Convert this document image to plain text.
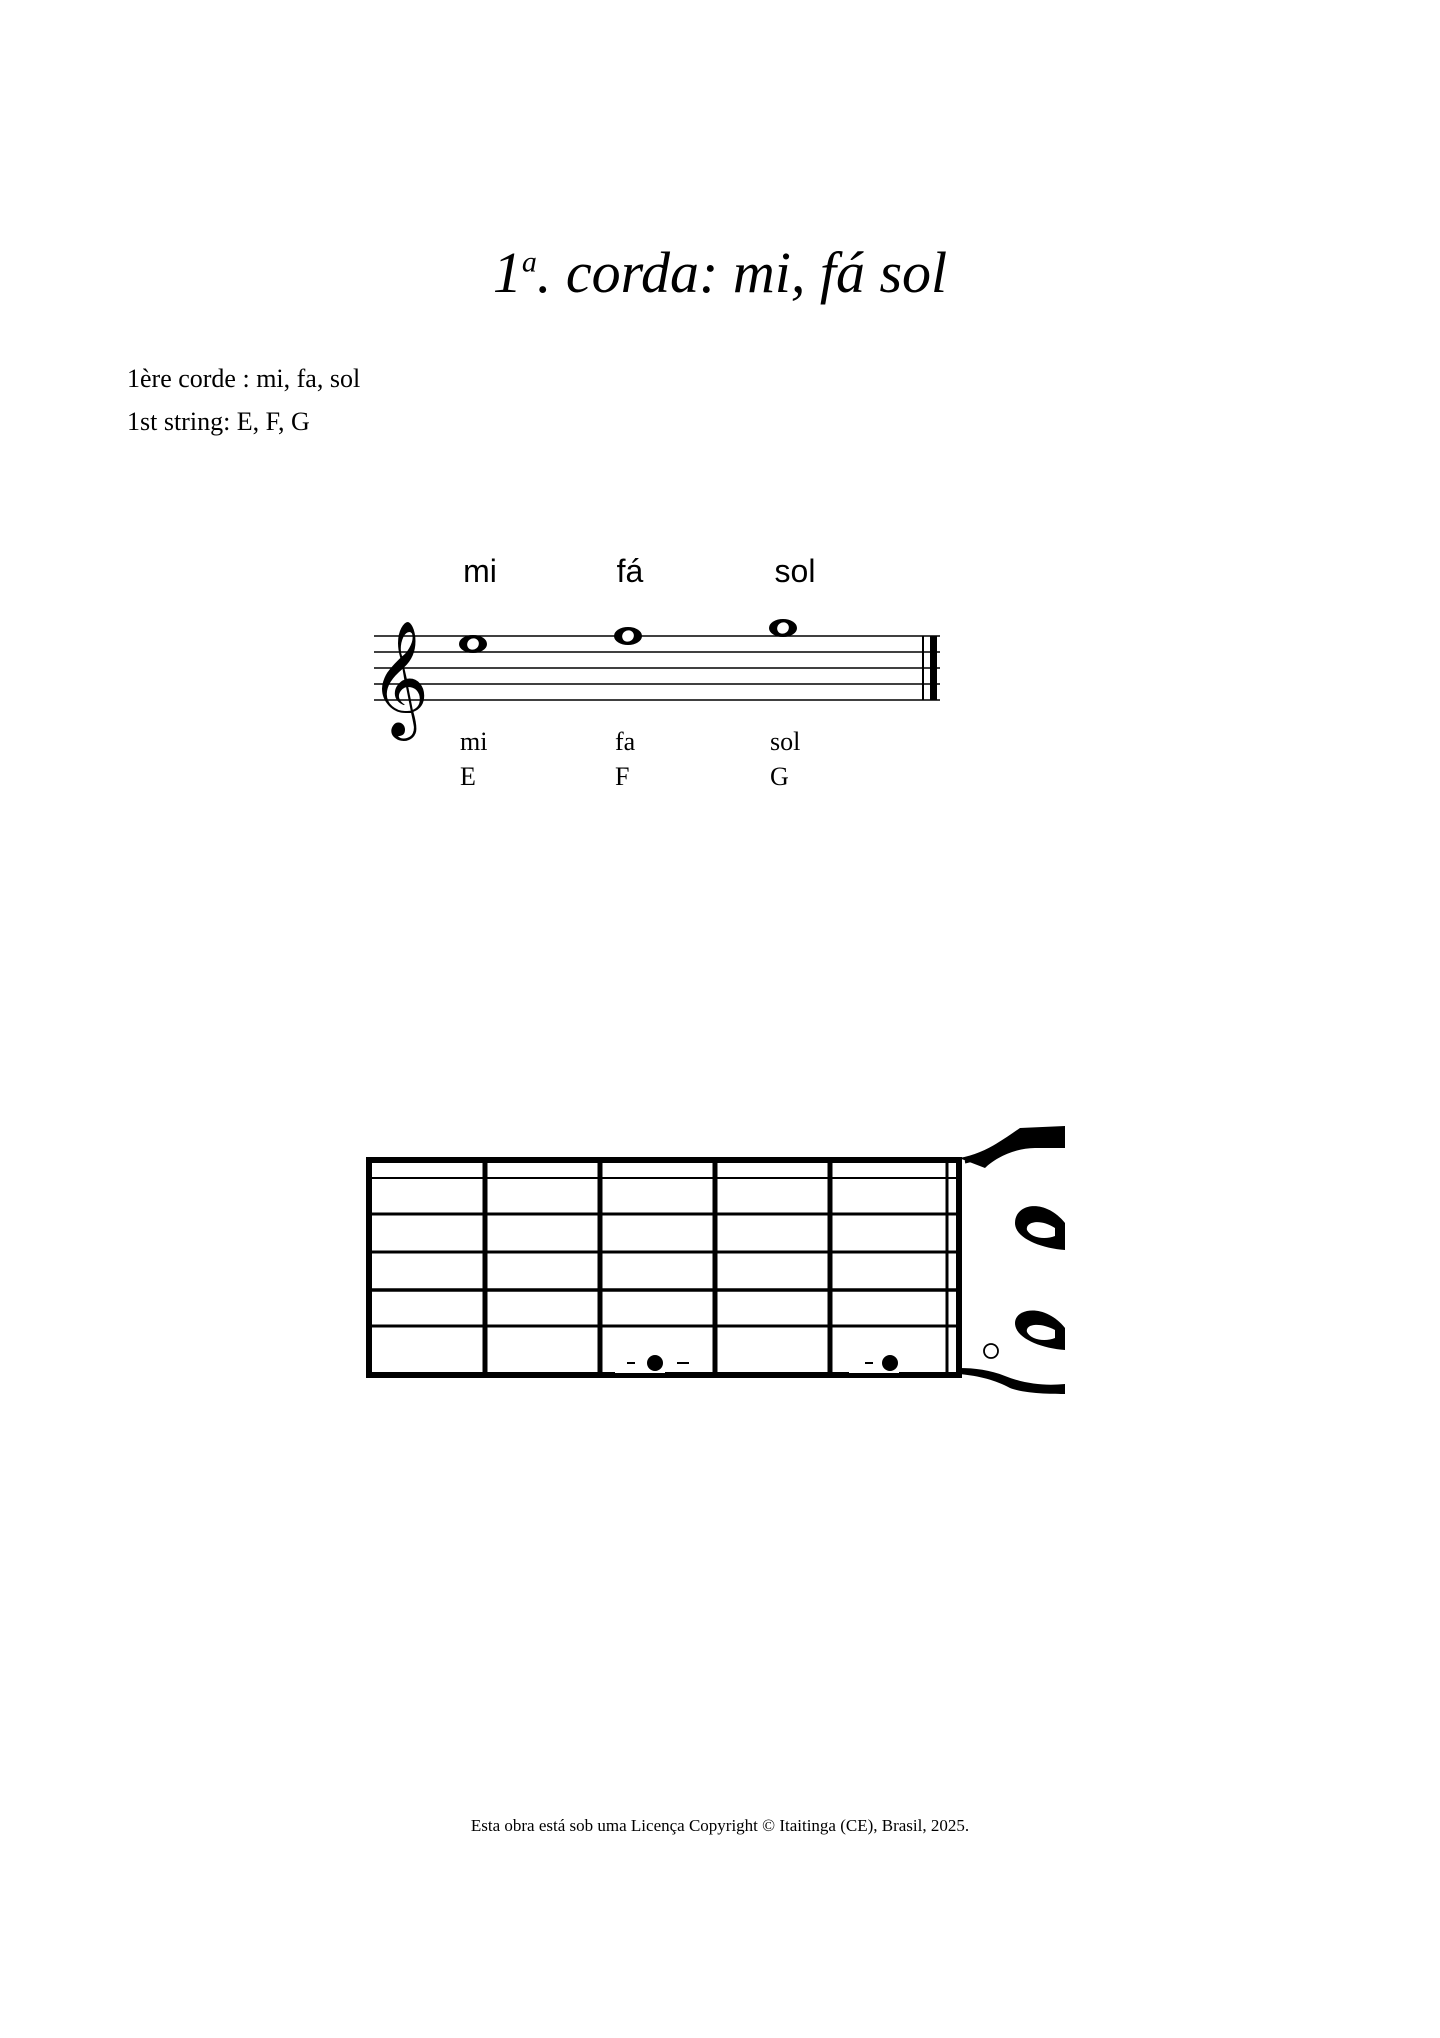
1$^a$. corda: mi, fá sol
1ère corde : mi, fa, sol
1st string: E, F, G
mi	fá	sol
𝄞
mi	fa	sol
E	F	G
Esta obra está sob uma Licença Copyright © Itaitinga (CE), Brasil, 2025.
